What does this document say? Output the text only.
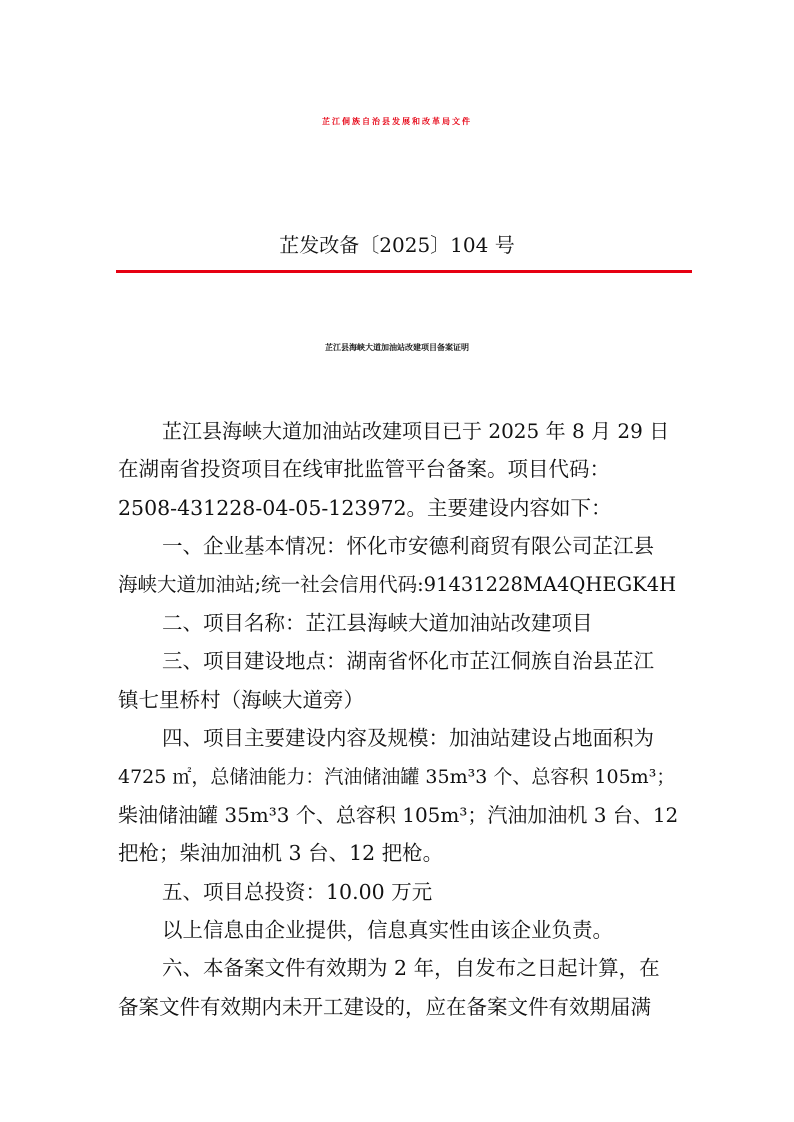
芷江侗族自治县发展和改革局文件
芷发改备〔2025〕104 号
芷江县海峡大道加油站改建项目备案证明
芷江县海峡大道加油站改建项目已于 2025 年 8 月 29 日
在湖南省投资项目在线审批监管平台备案。项目代码：
2508-431228-04-05-123972。主要建设内容如下：
一、企业基本情况：怀化市安德利商贸有限公司芷江县
海峡大道加油站;统一社会信用代码:91431228MA4QHEGK4H
二、项目名称：芷江县海峡大道加油站改建项目
三、项目建设地点：湖南省怀化市芷江侗族自治县芷江
镇七里桥村（海峡大道旁）
四、项目主要建设内容及规模：加油站建设占地面积为
4725 ㎡，总储油能力：汽油储油罐 35m³3 个、总容积 105m³；
柴油储油罐 35m³3 个、总容积 105m³；汽油加油机 3 台、12
把枪；柴油加油机 3 台、12 把枪。
五、项目总投资：10.00 万元
以上信息由企业提供，信息真实性由该企业负责。
六、本备案文件有效期为 2 年，自发布之日起计算，在
备案文件有效期内未开工建设的，应在备案文件有效期届满
